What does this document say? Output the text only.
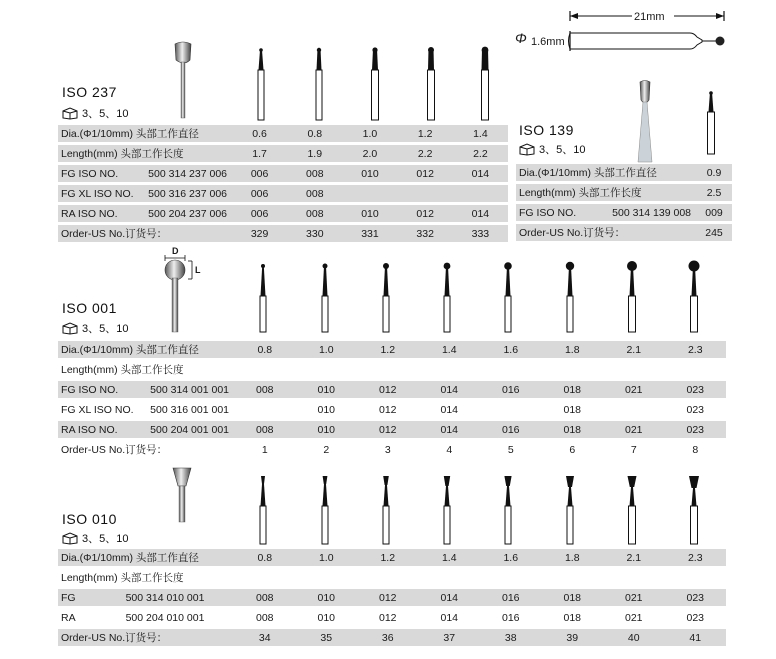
21mm
Φ 1.6mm
ISO 237
3、5、10
Dia.(Φ1/10mm) 头部工作直径	0.6	0.8	1.0	1.2	1.4
Length(mm) 头部工作长度	1.7	1.9	2.0	2.2	2.2

FG ISO NO. 500 314 237 006	006	008	010	012	014

FG XL ISO NO. 500 316 237 006	006	008			

RA ISO NO. 500 204 237 006	006	008	010	012	014
Order-US No.订货号：	329	330	331	332	333
ISO 139
3、5、10
Dia.(Φ1/10mm) 头部工作直径	0.9
Length(mm) 头部工作长度	2.5

FG ISO NO. 500 314 139 008	009
Order-US No.订货号：	245
D
L
ISO 001
3、5、10
Dia.(Φ1/10mm) 头部工作直径	0.8	1.0	1.2	1.4	1.6	1.8	2.1	2.3
Length(mm) 头部工作长度								

FG ISO NO. 500 314 001 001	008	010	012	014	016	018	021	023

FG XL ISO NO. 500 316 001 001		010	012	014		018		023

RA ISO NO. 500 204 001 001	008	010	012	014	016	018	021	023
Order-US No.订货号：	1	2	3	4	5	6	7	8
ISO 010
3、5、10
Dia.(Φ1/10mm) 头部工作直径	0.8	1.0	1.2	1.4	1.6	1.8	2.1	2.3
Length(mm) 头部工作长度								

FG 500 314 010 001	008	010	012	014	016	018	021	023

RA 500 204 010 001	008	010	012	014	016	018	021	023
Order-US No.订货号：	34	35	36	37	38	39	40	41
